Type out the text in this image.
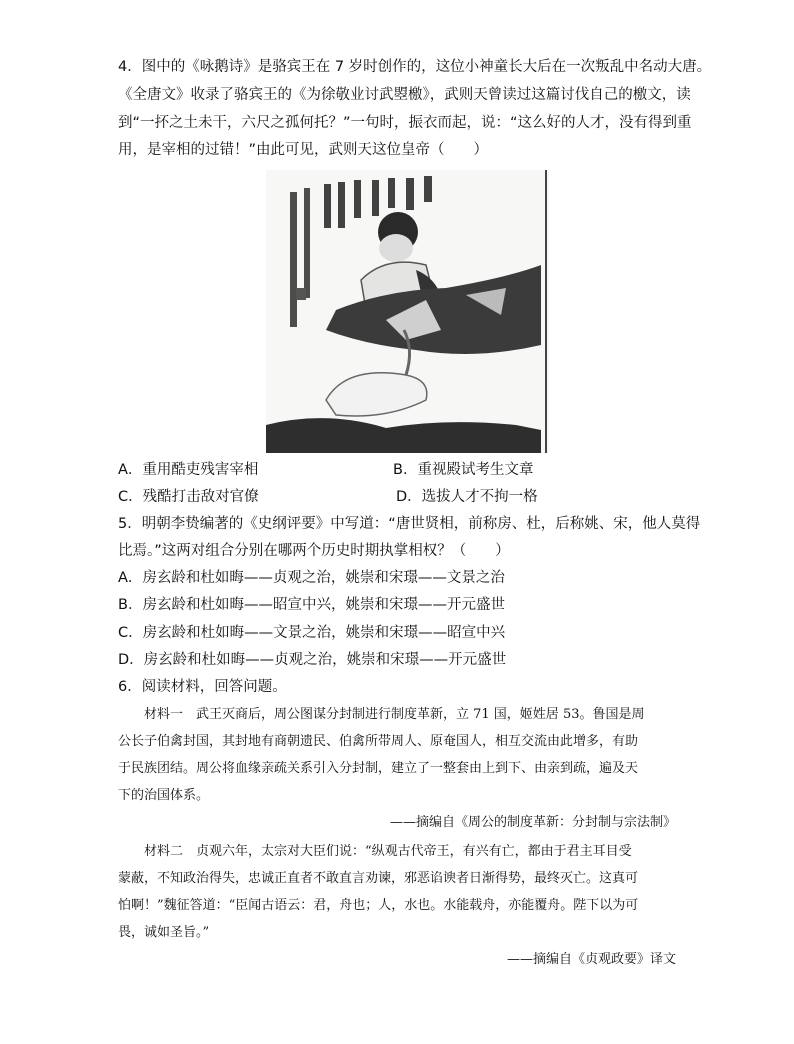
4．图中的《咏鹅诗》是骆宾王在 7 岁时创作的，这位小神童长大后在一次叛乱中名动大唐。
《全唐文》收录了骆宾王的《为徐敬业讨武曌檄》，武则天曾读过这篇讨伐自己的檄文，读
到“一抔之土未干，六尺之孤何托？”一句时，振衣而起，说：“这么好的人才，没有得到重
用，是宰相的过错！”由此可见，武则天这位皇帝（　　）
A．重用酷吏残害宰相	B．重视殿试考生文章
C．残酷打击敌对官僚	D．选拔人才不拘一格
5．明朝李贽编著的《史纲评要》中写道：“唐世贤相，前称房、杜，后称姚、宋，他人莫得
比焉。”这两对组合分别在哪两个历史时期执掌相权？（　　）
A．房玄龄和杜如晦——贞观之治，姚崇和宋璟——文景之治
B．房玄龄和杜如晦——昭宣中兴，姚崇和宋璟——开元盛世
C．房玄龄和杜如晦——文景之治，姚崇和宋璟——昭宣中兴
D．房玄龄和杜如晦——贞观之治，姚崇和宋璟——开元盛世
6．阅读材料，回答问题。
　　材料一　武王灭商后，周公图谋分封制进行制度革新，立 71 国，姬姓居 53。鲁国是周
公长子伯禽封国，其封地有商朝遗民、伯禽所带周人、原奄国人，相互交流由此增多，有助
于民族团结。周公将血缘亲疏关系引入分封制，建立了一整套由上到下、由亲到疏，遍及天
下的治国体系。
——摘编自《周公的制度革新：分封制与宗法制》
　　材料二　贞观六年，太宗对大臣们说：“纵观古代帝王，有兴有亡，都由于君主耳目受
蒙蔽，不知政治得失，忠诚正直者不敢直言劝谏，邪恶谄谀者日渐得势，最终灭亡。这真可
怕啊！”魏征答道：“臣闻古语云：君，舟也；人，水也。水能载舟，亦能覆舟。陛下以为可
畏，诚如圣旨。”
——摘编自《贞观政要》译文
